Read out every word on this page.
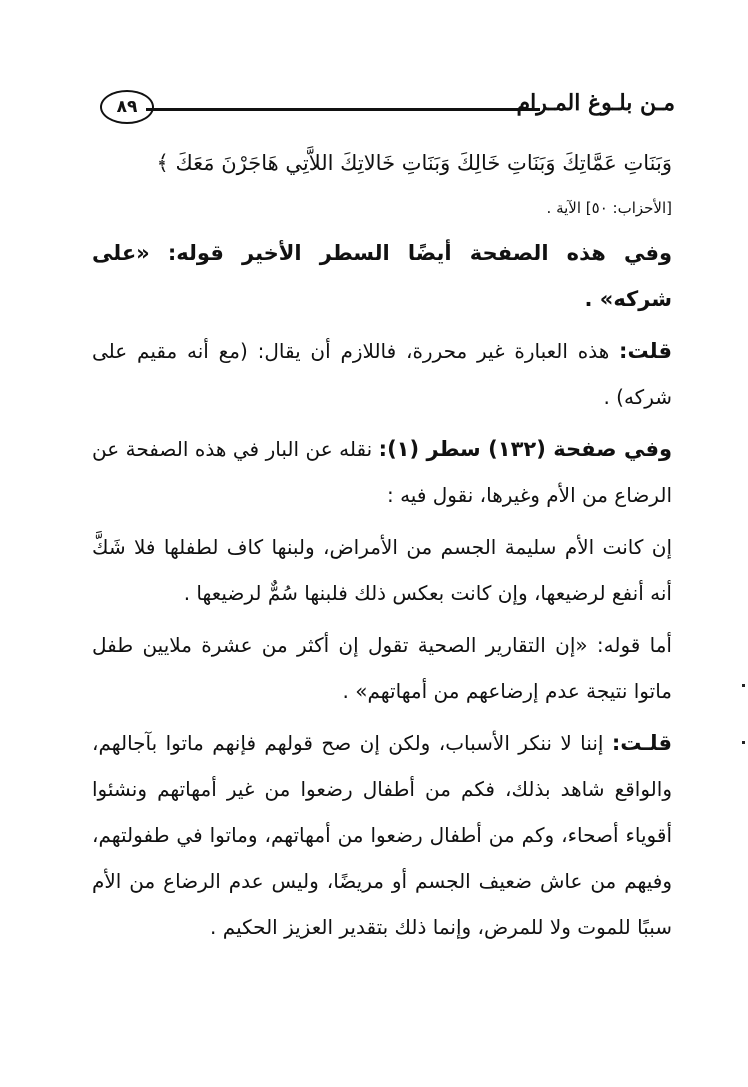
٨٩	مـن بلـوغ المـرام

وَبَنَاتِ عَمَّاتِكَ وَبَنَاتِ خَالِكَ وَبَنَاتِ خَالاتِكَ اللاَّتِي هَاجَرْنَ مَعَكَ ﴾

[الأحزاب: ٥٠] الآية .

وفي هذه الصفحة أيضًا السطر الأخير قوله: «على شركه» .

قلت: هذه العبارة غير محررة، فاللازم أن يقال: (مع أنه مقيم على شركه) .

وفي صفحة (١٣٢) سطر (١): نقله عن البار في هذه الصفحة عن الرضاع من الأم وغيرها، نقول فيه :

إن كانت الأم سليمة الجسم من الأمراض، ولبنها كاف لطفلها فلا شَكَّ أنه أنفع لرضيعها، وإن كانت بعكس ذلك فلبنها سُمٌّ لرضيعها .

أما قوله: «إن التقارير الصحية تقول إن أكثر من عشرة ملايين طفل ماتوا نتيجة عدم إرضاعهم من أمهاتهم» .

قلـت: إننا لا ننكر الأسباب، ولكن إن صح قولهم فإنهم ماتوا بآجالهم، والواقع شاهد بذلك، فكم من أطفال رضعوا من غير أمهاتهم ونشئوا أقوياء أصحاء، وكم من أطفال رضعوا من أمهاتهم، وماتوا في طفولتهم، وفيهم من عاش ضعيف الجسم أو مريضًا، وليس عدم الرضاع من الأم سببًا للموت ولا للمرض، وإنما ذلك بتقدير العزيز الحكيم .
